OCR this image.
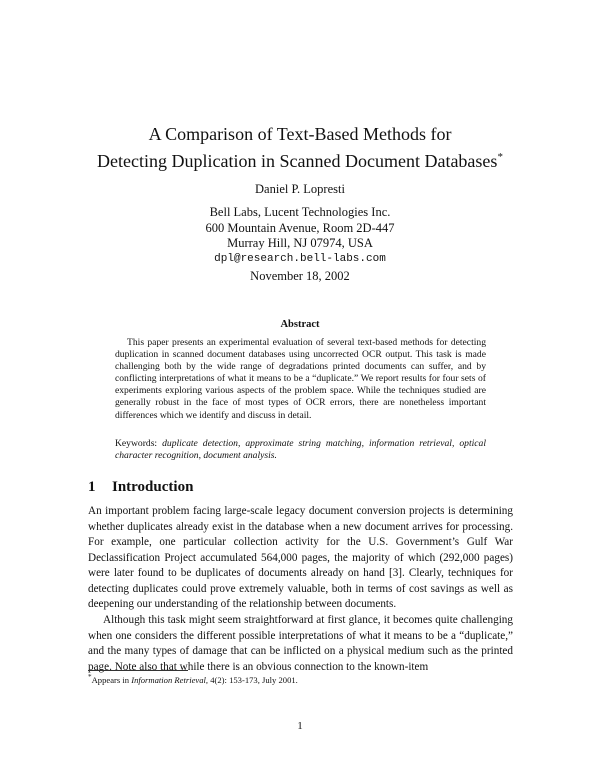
A Comparison of Text-Based Methods for
Detecting Duplication in Scanned Document Databases*
Daniel P. Lopresti
Bell Labs, Lucent Technologies Inc.
600 Mountain Avenue, Room 2D-447
Murray Hill, NJ 07974, USA
dpl@research.bell-labs.com
November 18, 2002
Abstract
This paper presents an experimental evaluation of several text-based methods for detecting duplication in scanned document databases using uncorrected OCR output. This task is made challenging both by the wide range of degradations printed documents can suffer, and by conflicting interpretations of what it means to be a “duplicate.” We report results for four sets of experiments exploring various aspects of the problem space. While the techniques studied are generally robust in the face of most types of OCR errors, there are nonetheless important differences which we identify and discuss in detail.
Keywords: duplicate detection, approximate string matching, information retrieval, optical character recognition, document analysis.
1 Introduction
An important problem facing large-scale legacy document conversion projects is determining whether duplicates already exist in the database when a new document arrives for processing. For example, one particular collection activity for the U.S. Government’s Gulf War Declassification Project accumulated 564,000 pages, the majority of which (292,000 pages) were later found to be duplicates of documents already on hand [3]. Clearly, techniques for detecting duplicates could prove extremely valuable, both in terms of cost savings as well as deepening our understanding of the relationship between documents.
Although this task might seem straightforward at first glance, it becomes quite challenging when one considers the different possible interpretations of what it means to be a “duplicate,” and the many types of damage that can be inflicted on a physical medium such as the printed page. Note also that while there is an obvious connection to the known-item
*Appears in Information Retrieval, 4(2): 153-173, July 2001.
1
